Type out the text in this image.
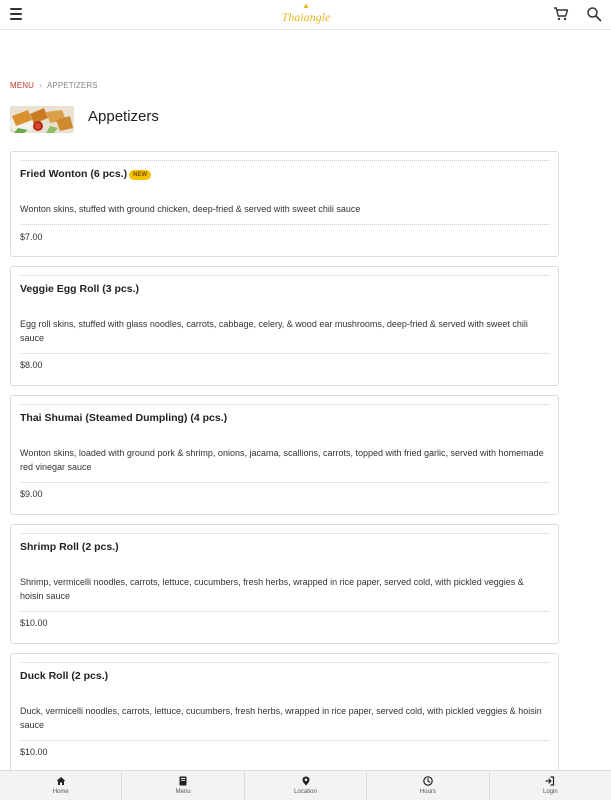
▲
Thaiangle
MENU › APPETIZERS
Appetizers
Fried Wonton (6 pcs.) NEW
Wonton skins, stuffed with ground chicken, deep-fried & served with sweet chili sauce
$7.00
Veggie Egg Roll (3 pcs.)
Egg roll skins, stuffed with glass noodles, carrots, cabbage, celery, & wood ear mushrooms, deep-fried & served with sweet chili sauce
$8.00
Thai Shumai (Steamed Dumpling) (4 pcs.)
Wonton skins, loaded with ground pork & shrimp, onions, jacama, scallions, carrots, topped with fried garlic, served with homemade red vinegar sauce
$9.00
Shrimp Roll (2 pcs.)
Shrimp, vermicelli noodles, carrots, lettuce, cucumbers, fresh herbs, wrapped in rice paper, served cold, with pickled veggies & hoisin sauce
$10.00
Duck Roll (2 pcs.)
Duck, vermicelli noodles, carrots, lettuce, cucumbers, fresh herbs, wrapped in rice paper, served cold, with pickled veggies & hoisin sauce
$10.00
Home	Menu	Location	Hours	Login
